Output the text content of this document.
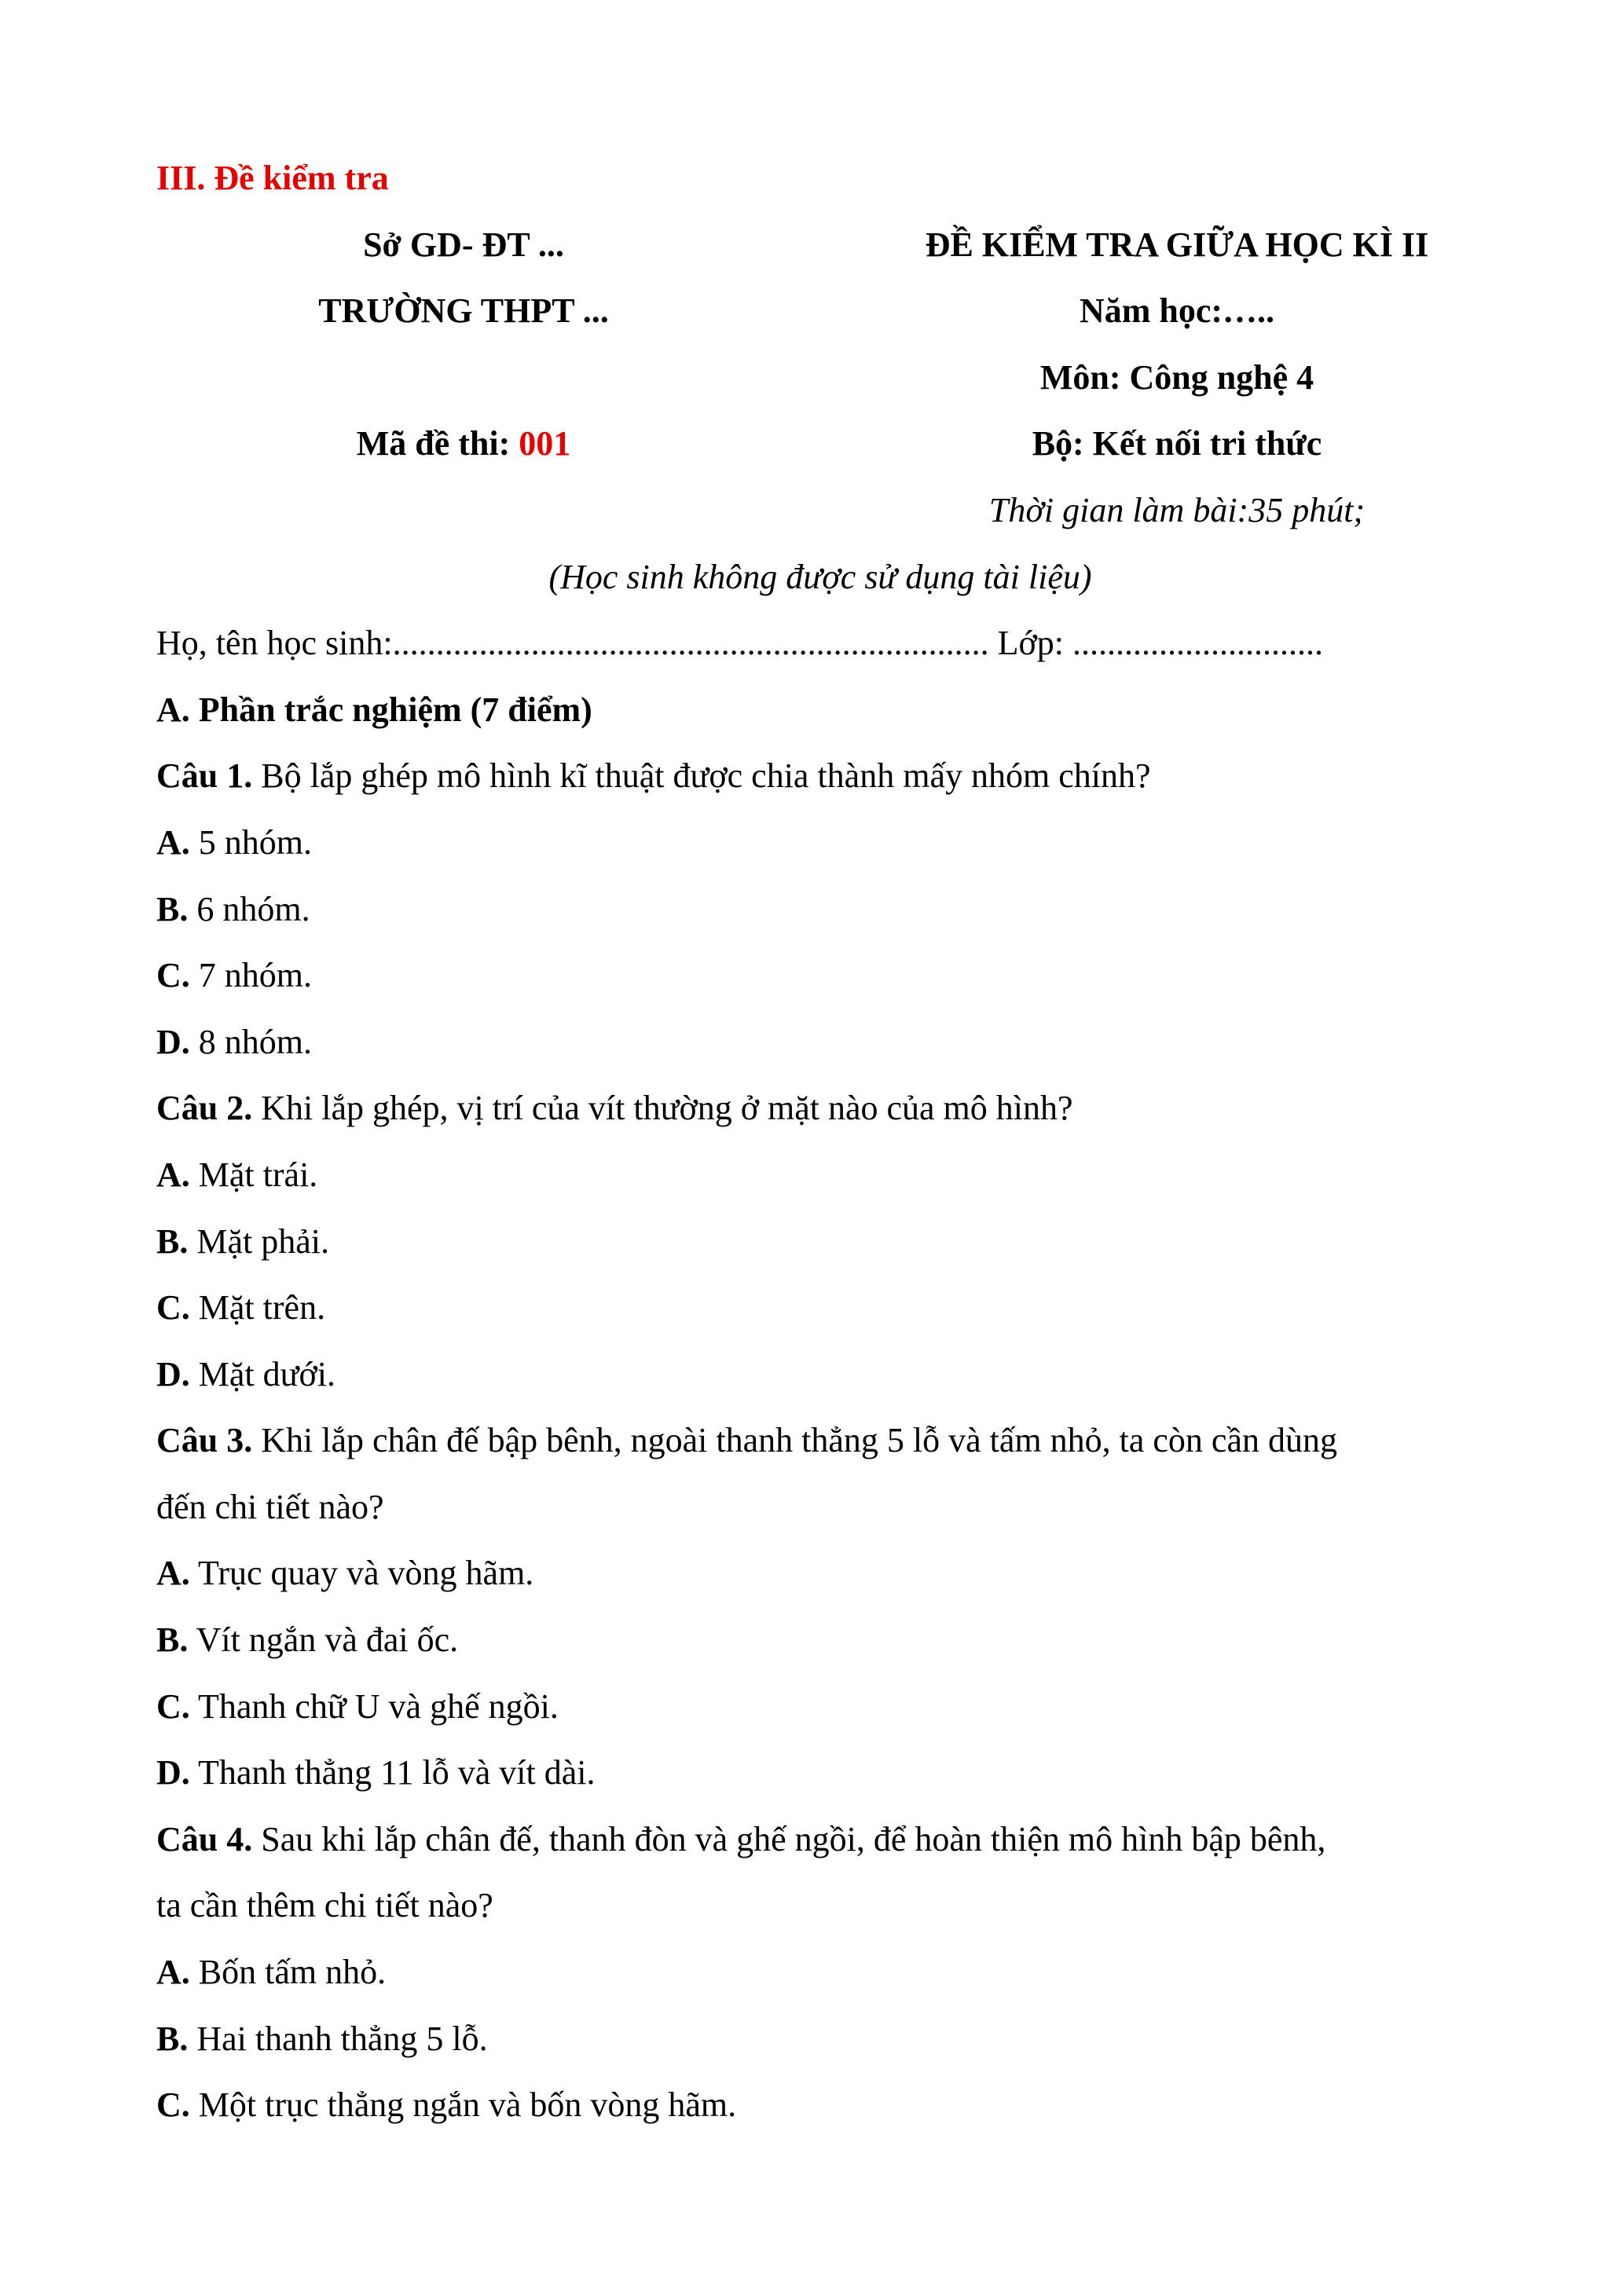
III. Đề kiểm tra
Sở GD- ĐT ...	ĐỀ KIỂM TRA GIỮA HỌC KÌ II
TRƯỜNG THPT ...	Năm học:…..
Môn: Công nghệ 4
Mã đề thi: 001	Bộ: Kết nối tri thức
Thời gian làm bài:35 phút;
(Học sinh không được sử dụng tài liệu)
Họ, tên học sinh:..................................................................... Lớp: .............................
A. Phần trắc nghiệm (7 điểm)
Câu 1. Bộ lắp ghép mô hình kĩ thuật được chia thành mấy nhóm chính?
A. 5 nhóm.
B. 6 nhóm.
C. 7 nhóm.
D. 8 nhóm.
Câu 2. Khi lắp ghép, vị trí của vít thường ở mặt nào của mô hình?
A. Mặt trái.
B. Mặt phải.
C. Mặt trên.
D. Mặt dưới.
Câu 3. Khi lắp chân đế bập bênh, ngoài thanh thẳng 5 lỗ và tấm nhỏ, ta còn cần dùng
đến chi tiết nào?
A. Trục quay và vòng hãm.
B. Vít ngắn và đai ốc.
C. Thanh chữ U và ghế ngồi.
D. Thanh thẳng 11 lỗ và vít dài.
Câu 4. Sau khi lắp chân đế, thanh đòn và ghế ngồi, để hoàn thiện mô hình bập bênh,
ta cần thêm chi tiết nào?
A. Bốn tấm nhỏ.
B. Hai thanh thẳng 5 lỗ.
C. Một trục thẳng ngắn và bốn vòng hãm.
